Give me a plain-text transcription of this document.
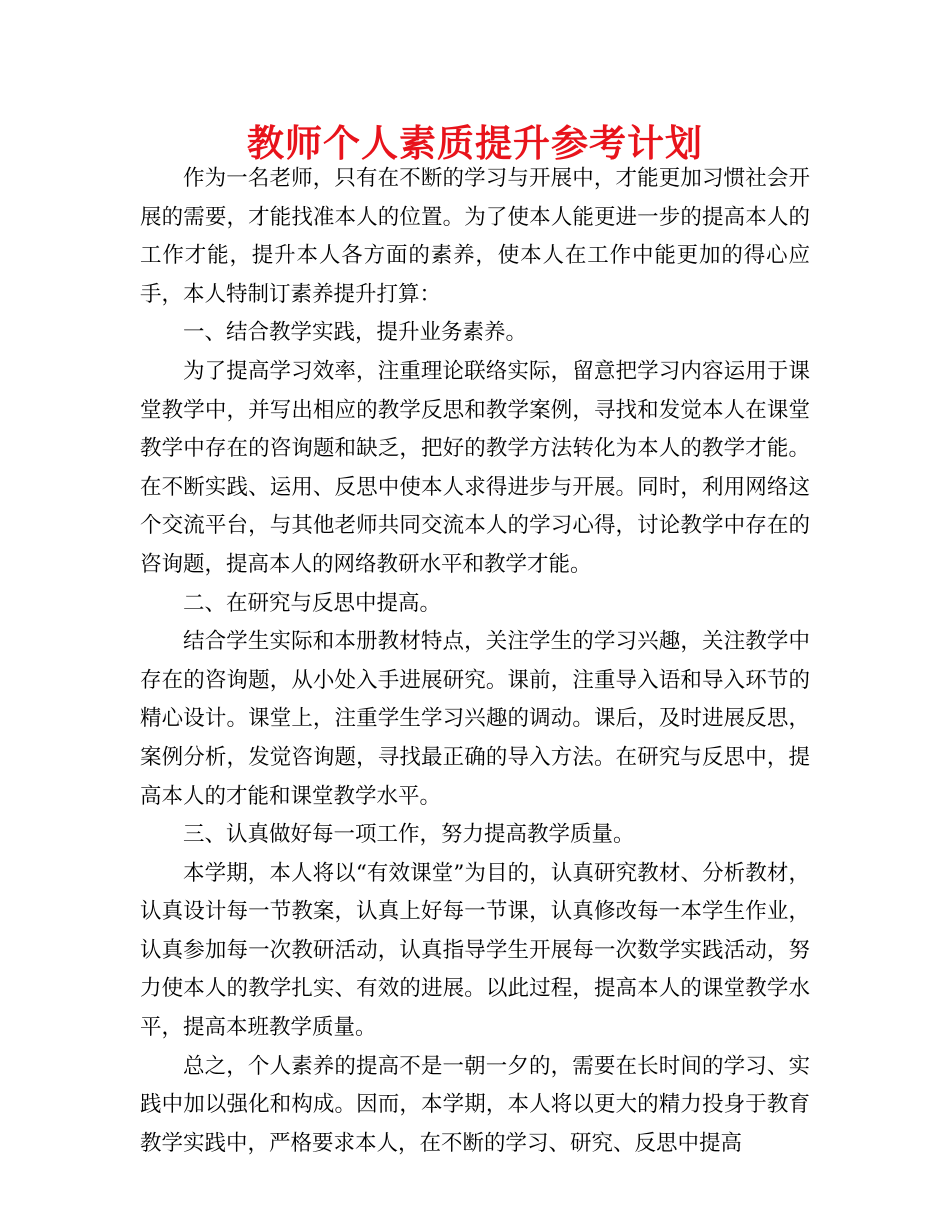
教师个人素质提升参考计划

作为一名老师，只有在不断的学习与开展中，才能更加习惯社会开展的需要，才能找准本人的位置。为了使本人能更进一步的提高本人的工作才能，提升本人各方面的素养，使本人在工作中能更加的得心应手，本人特制订素养提升打算：

一、结合教学实践，提升业务素养。

为了提高学习效率，注重理论联络实际，留意把学习内容运用于课堂教学中，并写出相应的教学反思和教学案例，寻找和发觉本人在课堂教学中存在的咨询题和缺乏，把好的教学方法转化为本人的教学才能。在不断实践、运用、反思中使本人求得进步与开展。同时，利用网络这个交流平台，与其他老师共同交流本人的学习心得，讨论教学中存在的咨询题，提高本人的网络教研水平和教学才能。

二、在研究与反思中提高。

结合学生实际和本册教材特点，关注学生的学习兴趣，关注教学中存在的咨询题，从小处入手进展研究。课前，注重导入语和导入环节的精心设计。课堂上，注重学生学习兴趣的调动。课后，及时进展反思，案例分析，发觉咨询题，寻找最正确的导入方法。在研究与反思中，提高本人的才能和课堂教学水平。

三、认真做好每一项工作，努力提高教学质量。

本学期，本人将以“有效课堂”为目的，认真研究教材、分析教材，认真设计每一节教案，认真上好每一节课，认真修改每一本学生作业，认真参加每一次教研活动，认真指导学生开展每一次数学实践活动，努力使本人的教学扎实、有效的进展。以此过程，提高本人的课堂教学水平，提高本班教学质量。

总之，个人素养的提高不是一朝一夕的，需要在长时间的学习、实践中加以强化和构成。因而，本学期，本人将以更大的精力投身于教育教学实践中，严格要求本人，在不断的学习、研究、反思中提高
